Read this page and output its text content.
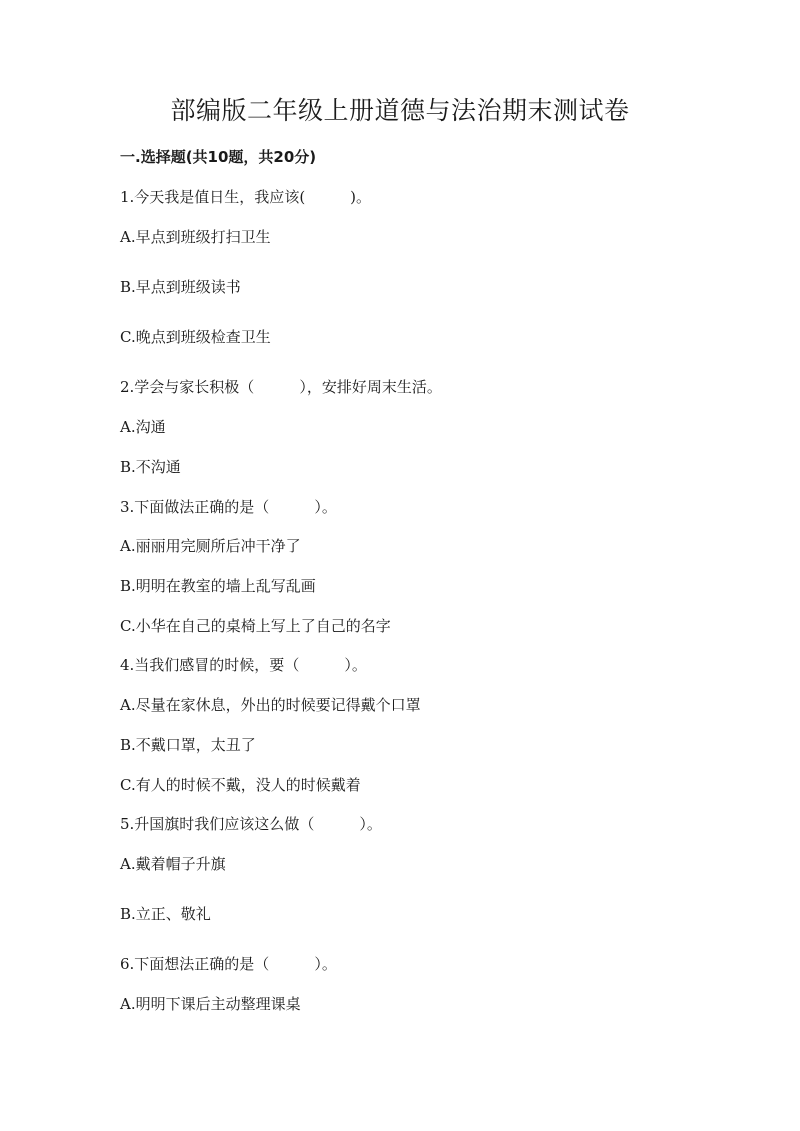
部编版二年级上册道德与法治期末测试卷
一.选择题(共10题，共20分)
1.今天我是值日生，我应该(　　　)。
A.早点到班级打扫卫生
B.早点到班级读书
C.晚点到班级检查卫生
2.学会与家长积极（　　　），安排好周末生活。
A.沟通
B.不沟通
3.下面做法正确的是（　　　）。
A.丽丽用完厕所后冲干净了
B.明明在教室的墙上乱写乱画
C.小华在自己的桌椅上写上了自己的名字
4.当我们感冒的时候，要（　　　）。
A.尽量在家休息，外出的时候要记得戴个口罩
B.不戴口罩，太丑了
C.有人的时候不戴，没人的时候戴着
5.升国旗时我们应该这么做（　　　）。
A.戴着帽子升旗
B.立正、敬礼
6.下面想法正确的是（　　　）。
A.明明下课后主动整理课桌
